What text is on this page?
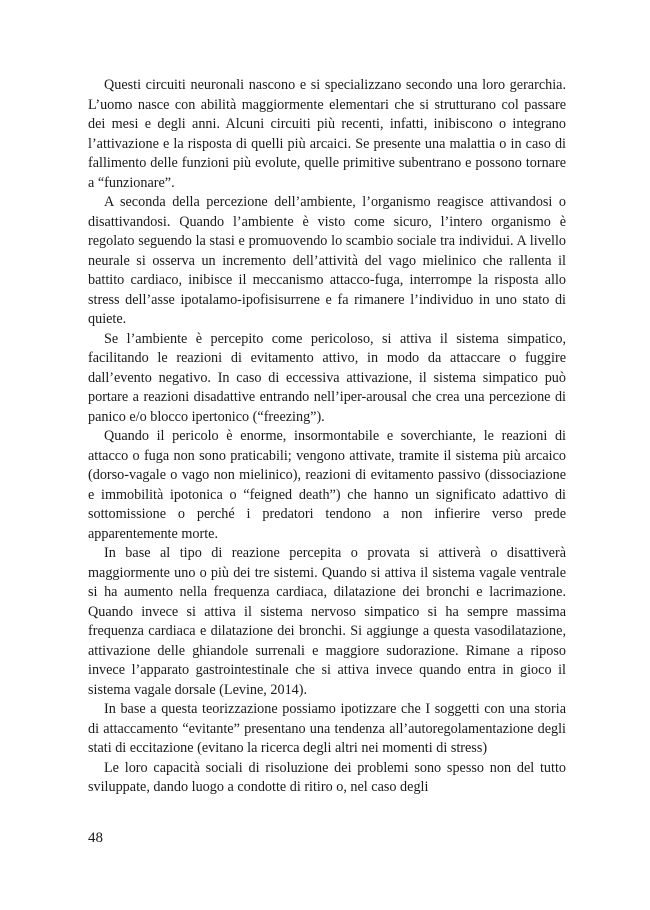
Questi circuiti neuronali nascono e si specializzano secondo una loro gerarchia. L’uomo nasce con abilità maggiormente elementari che si strutturano col passare dei mesi e degli anni. Alcuni circuiti più recenti, infatti, inibiscono o integrano l’attivazione e la risposta di quelli più arcaici. Se presente una malattia o in caso di fallimento delle funzioni più evolute, quelle primitive subentrano e possono tornare a “funzionare”.

A seconda della percezione dell’ambiente, l’organismo reagisce attivandosi o disattivandosi. Quando l’ambiente è visto come sicuro, l’intero organismo è regolato seguendo la stasi e promuovendo lo scambio sociale tra individui. A livello neurale si osserva un incremento dell’attività del vago mielinico che rallenta il battito cardiaco, inibisce il meccanismo attacco-fuga, interrompe la risposta allo stress dell’asse ipotalamo-ipofisisurrene e fa rimanere l’individuo in uno stato di quiete.

Se l’ambiente è percepito come pericoloso, si attiva il sistema simpatico, facilitando le reazioni di evitamento attivo, in modo da attaccare o fuggire dall’evento negativo. In caso di eccessiva attivazione, il sistema simpatico può portare a reazioni disadattive entrando nell’iper-arousal che crea una percezione di panico e/o blocco ipertonico (“freezing”).

Quando il pericolo è enorme, insormontabile e soverchiante, le reazioni di attacco o fuga non sono praticabili; vengono attivate, tramite il sistema più arcaico (dorso-vagale o vago non mielinico), reazioni di evitamento passivo (dissociazione e immobilità ipotonica o “feigned death”) che hanno un significato adattivo di sottomissione o perché i predatori tendono a non infierire verso prede apparentemente morte.

In base al tipo di reazione percepita o provata si attiverà o disattiverà maggiormente uno o più dei tre sistemi. Quando si attiva il sistema vagale ventrale si ha aumento nella frequenza cardiaca, dilatazione dei bronchi e lacrimazione. Quando invece si attiva il sistema nervoso simpatico si ha sempre massima frequenza cardiaca e dilatazione dei bronchi. Si aggiunge a questa vasodilatazione, attivazione delle ghiandole surrenali e maggiore sudorazione. Rimane a riposo invece l’apparato gastrointestinale che si attiva invece quando entra in gioco il sistema vagale dorsale (Levine, 2014).

In base a questa teorizzazione possiamo ipotizzare che I soggetti con una storia di attaccamento “evitante” presentano una tendenza all’autoregolamentazione degli stati di eccitazione (evitano la ricerca degli altri nei momenti di stress)

Le loro capacità sociali di risoluzione dei problemi sono spesso non del tutto sviluppate, dando luogo a condotte di ritiro o, nel caso degli

48
